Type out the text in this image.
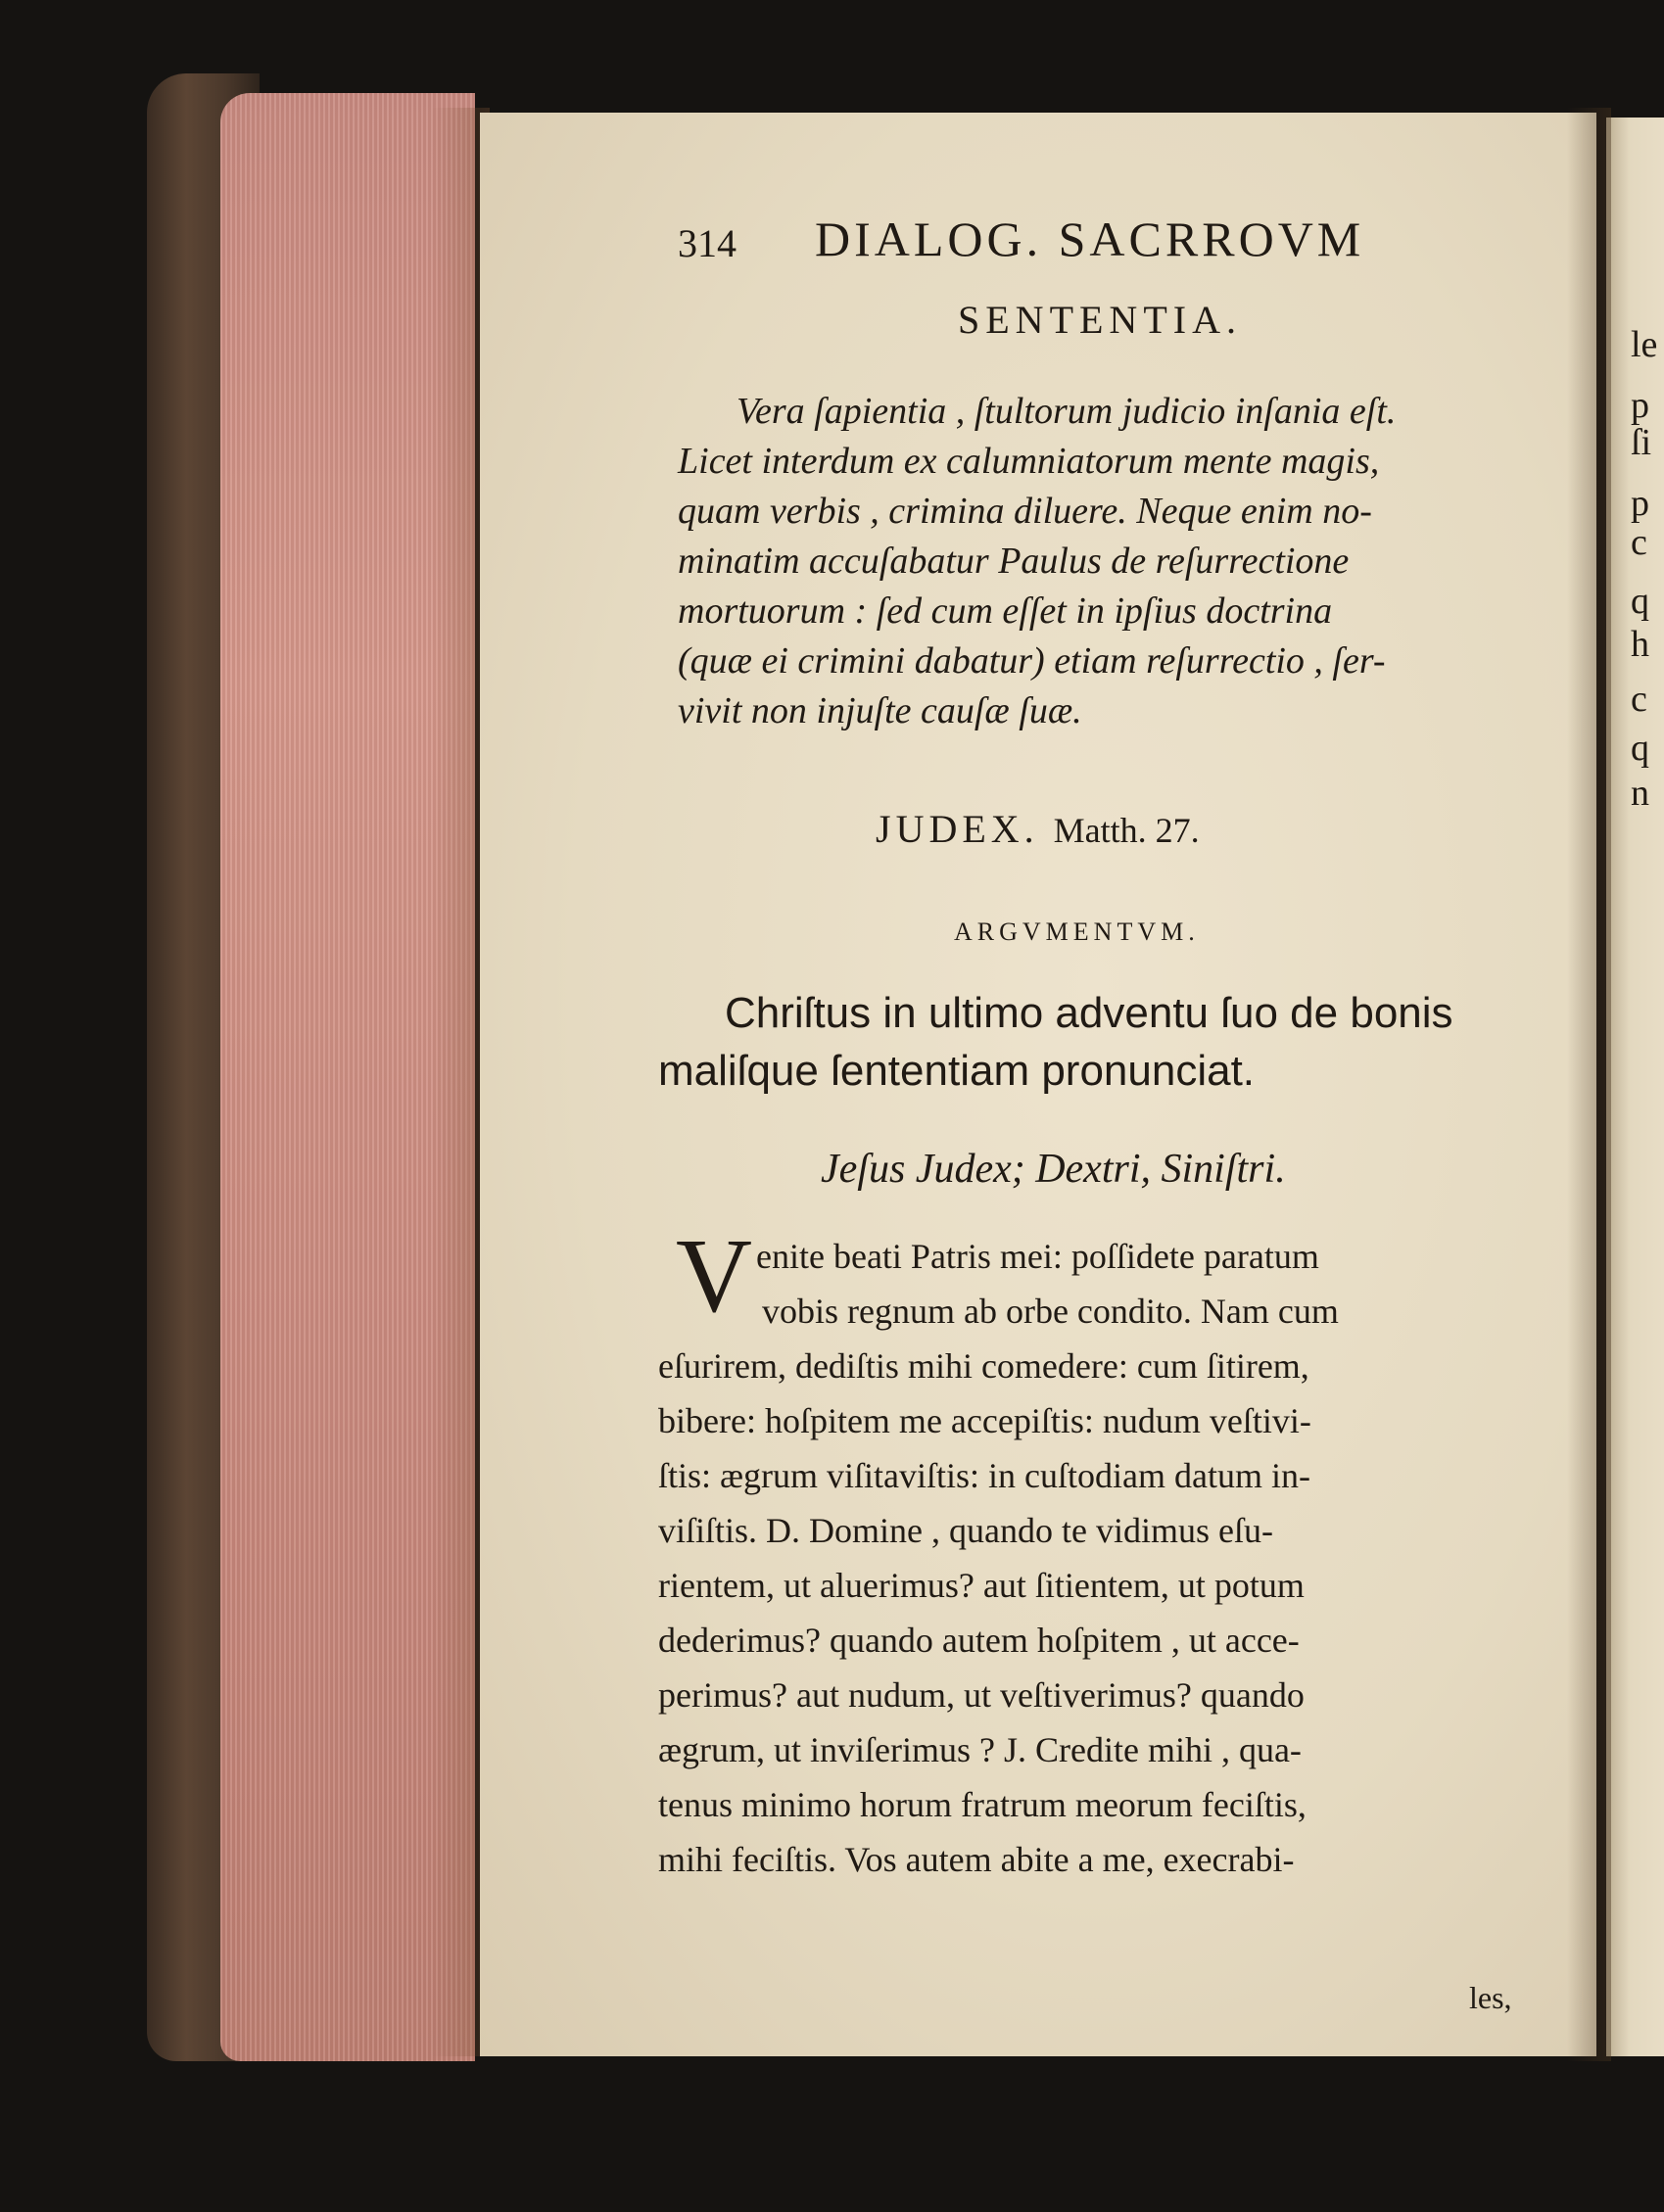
314 DIALOG. SACRROVM
SENTENTIA.
Vera ſapientia , ſtultorum judicio inſania eſt.
Licet interdum ex calumniatorum mente magis,
quam verbis , crimina diluere. Neque enim no-
minatim accuſabatur Paulus de reſurrectione
mortuorum : ſed cum eſſet in ipſius doctrina
(quæ ei crimini dabatur) etiam reſurrectio , ſer-
vivit non injuſte cauſæ ſuæ.
JUDEX. Matth. 27.
ARGVMENTVM.
Chriſtus in ultimo adventu ſuo de bonis
maliſque ſententiam pronunciat.
Jeſus Judex; Dextri, Siniſtri.
V enite beati Patris mei: poſſidete paratum
vobis regnum ab orbe condito. Nam cum
eſurirem, dediſtis mihi comedere: cum ſitirem,
bibere: hoſpitem me accepiſtis: nudum veſtivi-
ſtis: ægrum viſitaviſtis: in cuſtodiam datum in-
viſiſtis. D. Domine , quando te vidimus eſu-
rientem, ut aluerimus? aut ſitientem, ut potum
dederimus? quando autem hoſpitem , ut acce-
perimus? aut nudum, ut veſtiverimus? quando
ægrum, ut inviſerimus ? J. Credite mihi , qua-
tenus minimo horum fratrum meorum feciſtis,
mihi feciſtis. Vos autem abite a me, execrabi-
les,
le
p
ſi
p
c
q
h
c
q
n
